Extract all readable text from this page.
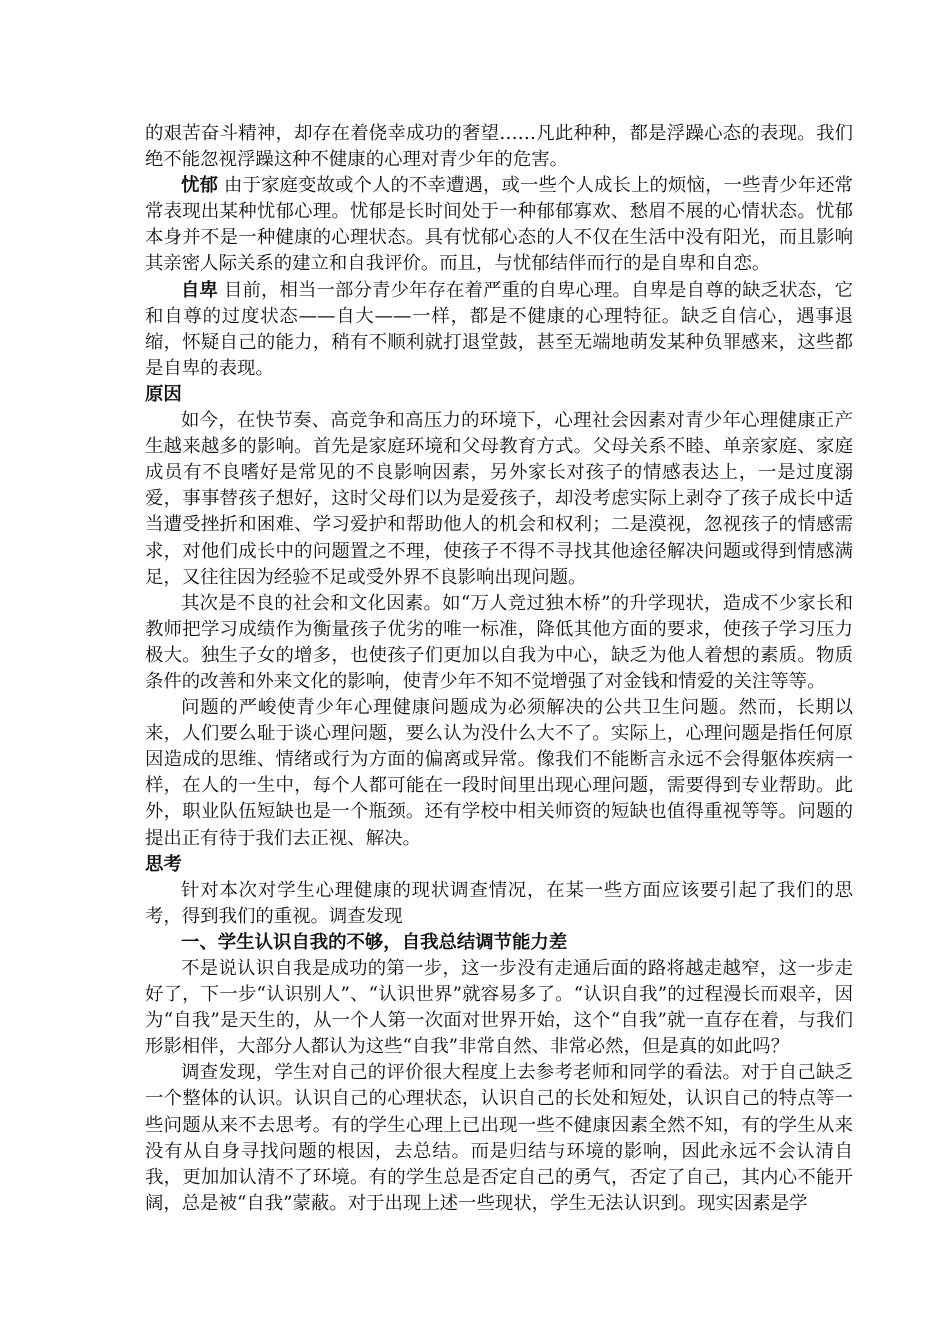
的艰苦奋斗精神，却存在着侥幸成功的奢望……凡此种种，都是浮躁心态的表现。我们绝不能忽视浮躁这种不健康的心理对青少年的危害。

忧郁 由于家庭变故或个人的不幸遭遇，或一些个人成长上的烦恼，一些青少年还常常表现出某种忧郁心理。忧郁是长时间处于一种郁郁寡欢、愁眉不展的心情状态。忧郁本身并不是一种健康的心理状态。具有忧郁心态的人不仅在生活中没有阳光，而且影响其亲密人际关系的建立和自我评价。而且，与忧郁结伴而行的是自卑和自恋。

自卑 目前，相当一部分青少年存在着严重的自卑心理。自卑是自尊的缺乏状态，它和自尊的过度状态——自大——一样，都是不健康的心理特征。缺乏自信心，遇事退缩，怀疑自己的能力，稍有不顺利就打退堂鼓，甚至无端地萌发某种负罪感来，这些都是自卑的表现。

原因

如今，在快节奏、高竞争和高压力的环境下，心理社会因素对青少年心理健康正产生越来越多的影响。首先是家庭环境和父母教育方式。父母关系不睦、单亲家庭、家庭成员有不良嗜好是常见的不良影响因素，另外家长对孩子的情感表达上，一是过度溺爱，事事替孩子想好，这时父母们以为是爱孩子，却没考虑实际上剥夺了孩子成长中适当遭受挫折和困难、学习爱护和帮助他人的机会和权利；二是漠视，忽视孩子的情感需求，对他们成长中的问题置之不理，使孩子不得不寻找其他途径解决问题或得到情感满足，又往往因为经验不足或受外界不良影响出现问题。

其次是不良的社会和文化因素。如“万人竞过独木桥”的升学现状，造成不少家长和教师把学习成绩作为衡量孩子优劣的唯一标准，降低其他方面的要求，使孩子学习压力极大。独生子女的增多，也使孩子们更加以自我为中心，缺乏为他人着想的素质。物质条件的改善和外来文化的影响，使青少年不知不觉增强了对金钱和情爱的关注等等。

问题的严峻使青少年心理健康问题成为必须解决的公共卫生问题。然而，长期以来，人们要么耻于谈心理问题，要么认为没什么大不了。实际上，心理问题是指任何原因造成的思维、情绪或行为方面的偏离或异常。像我们不能断言永远不会得躯体疾病一样，在人的一生中，每个人都可能在一段时间里出现心理问题，需要得到专业帮助。此外，职业队伍短缺也是一个瓶颈。还有学校中相关师资的短缺也值得重视等等。问题的提出正有待于我们去正视、解决。

思考

针对本次对学生心理健康的现状调查情况，在某一些方面应该要引起了我们的思考，得到我们的重视。调查发现

一、学生认识自我的不够，自我总结调节能力差

不是说认识自我是成功的第一步，这一步没有走通后面的路将越走越窄，这一步走好了，下一步“认识别人”、“认识世界”就容易多了。“认识自我”的过程漫长而艰辛，因为“自我”是天生的，从一个人第一次面对世界开始，这个“自我”就一直存在着，与我们形影相伴，大部分人都认为这些“自我”非常自然、非常必然，但是真的如此吗？

调查发现，学生对自己的评价很大程度上去参考老师和同学的看法。对于自己缺乏一个整体的认识。认识自己的心理状态，认识自己的长处和短处，认识自己的特点等一些问题从来不去思考。有的学生心理上已出现一些不健康因素全然不知，有的学生从来没有从自身寻找问题的根因，去总结。而是归结与环境的影响，因此永远不会认清自我，更加加认清不了环境。有的学生总是否定自己的勇气，否定了自己，其内心不能开阔，总是被“自我”蒙蔽。对于出现上述一些现状，学生无法认识到。现实因素是学
